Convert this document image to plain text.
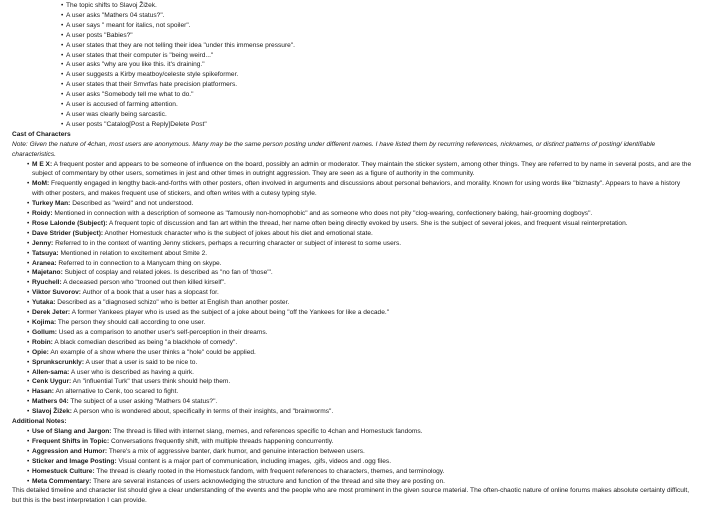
• The topic shifts to Slavoj Žižek.
• A user asks "Mathers 04 status?".
• A user says " meant for italics, not spoiler".
• A user posts "Babies?"
• A user states that they are not telling their idea "under this immense pressure".
• A user states that their computer is "being weird..."
• A user asks "why are you like this. it's draining."
• A user suggests a Kirby meatboy/celeste style spikeformer.
• A user states that their Smvrfas hate precision platformers.
• A user asks "Somebody tell me what to do."
• A user is accused of farming attention.
• A user was clearly being sarcastic.
• A user posts "Catalog[Post a Reply]Delete Post"

Cast of Characters

Note: Given the nature of 4chan, most users are anonymous. Many may be the same person posting under different names. I have listed them by recurring references, nicknames, or distinct patterns of posting/ identifiable characteristics.

• M E X: A frequent poster and appears to be someone of influence on the board, possibly an admin or moderator. They maintain the sticker system, among other things. They are referred to by name in several posts, and are the subject of commentary by other users, sometimes in jest and other times in outright aggression. They are seen as a figure of authority in the community.
• MoM: Frequently engaged in lengthy back-and-forths with other posters, often involved in arguments and discussions about personal behaviors, and morality. Known for using words like "biznasty". Appears to have a history with other posters, and makes frequent use of stickers, and often writes with a cutesy typing style.
• Turkey Man: Described as "weird" and not understood.
• Roidy: Mentioned in connection with a description of someone as "famously non-homophobic" and as someone who does not pity "clog-wearing, confectionery baking, hair-grooming dogboys".
• Rose Lalonde (Subject): A frequent topic of discussion and fan art within the thread, her name often being directly evoked by users. She is the subject of several jokes, and frequent visual reinterpretation.
• Dave Strider (Subject): Another Homestuck character who is the subject of jokes about his diet and emotional state.
• Jenny: Referred to in the context of wanting Jenny stickers, perhaps a recurring character or subject of interest to some users.
• Tatsuya: Mentioned in relation to excitement about Smite 2.
• Aranea: Referred to in connection to a Manycam thing on skype.
• Majetano: Subject of cosplay and related jokes. Is described as "no fan of 'those'".
• Ryuchell: A deceased person who "trooned out then killed kirself".
• Viktor Suvorov: Author of a book that a user has a slopcast for.
• Yutaka: Described as a "diagnosed schizo" who is better at English than another poster.
• Derek Jeter: A former Yankees player who is used as the subject of a joke about being "off the Yankees for like a decade."
• Kojima: The person they should call according to one user.
• Gollum: Used as a comparison to another user's self-perception in their dreams.
• Robin: A black comedian described as being "a blackhole of comedy".
• Opie: An example of a show where the user thinks a "hole" could be applied.
• Sprunkscrunkly: A user that a user is said to be nice to.
• Allen-sama: A user who is described as having a quirk.
• Cenk Uygur: An "influential Turk" that users think should help them.
• Hasan: An alternative to Cenk, too scared to fight.
• Mathers 04: The subject of a user asking "Mathers 04 status?".
• Slavoj Žižek: A person who is wondered about, specifically in terms of their insights, and "brainworms".

Additional Notes:

• Use of Slang and Jargon: The thread is filled with internet slang, memes, and references specific to 4chan and Homestuck fandoms.
• Frequent Shifts in Topic: Conversations frequently shift, with multiple threads happening concurrently.
• Aggression and Humor: There's a mix of aggressive banter, dark humor, and genuine interaction between users.
• Sticker and Image Posting: Visual content is a major part of communication, including images, .gifs, videos and .ogg files.
• Homestuck Culture: The thread is clearly rooted in the Homestuck fandom, with frequent references to characters, themes, and terminology.
• Meta Commentary: There are several instances of users acknowledging the structure and function of the thread and site they are posting on.

This detailed timeline and character list should give a clear understanding of the events and the people who are most prominent in the given source material. The often-chaotic nature of online forums makes absolute certainty difficult, but this is the best interpretation I can provide.
